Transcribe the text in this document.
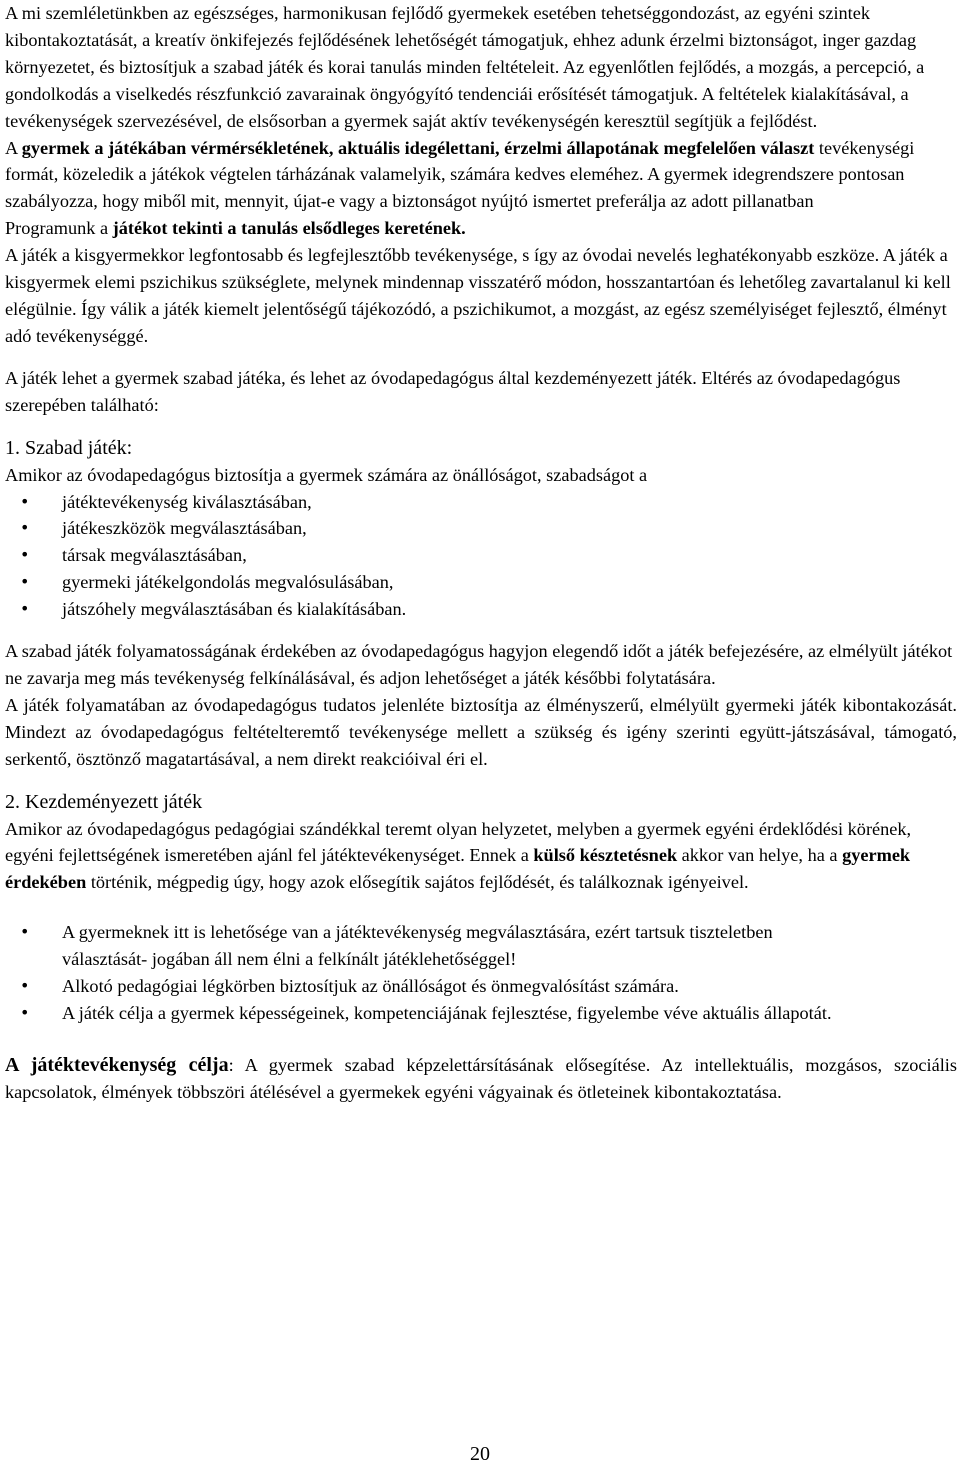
A mi szemléletünkben az egészséges, harmonikusan fejlődő gyermekek esetében tehetséggondozást, az egyéni szintek kibontakoztatását, a kreatív önkifejezés fejlődésének lehetőségét támogatjuk, ehhez adunk érzelmi biztonságot, inger gazdag környezetet, és biztosítjuk a szabad játék és korai tanulás minden feltételeit. Az egyenlőtlen fejlődés, a mozgás, a percepció, a gondolkodás a viselkedés részfunkció zavarainak öngyógyító tendenciái erősítését támogatjuk. A feltételek kialakításával, a tevékenységek szervezésével, de elsősorban a gyermek saját aktív tevékenységén keresztül segítjük a fejlődést.

A gyermek a játékában vérmérsékletének, aktuális idegélettani, érzelmi állapotának megfelelően választ tevékenységi formát, közeledik a játékok végtelen tárházának valamelyik, számára kedves eleméhez. A gyermek idegrendszere pontosan szabályozza, hogy miből mit, mennyit, újat-e vagy a biztonságot nyújtó ismertet preferálja az adott pillanatban

Programunk a játékot tekinti a tanulás elsődleges keretének.

A játék a kisgyermekkor legfontosabb és legfejlesztőbb tevékenysége, s így az óvodai nevelés leghatékonyabb eszköze. A játék a kisgyermek elemi pszichikus szükséglete, melynek mindennap visszatérő módon, hosszantartóan és lehetőleg zavartalanul ki kell elégülnie. Így válik a játék kiemelt jelentőségű tájékozódó, a pszichikumot, a mozgást, az egész személyiséget fejlesztő, élményt adó tevékenységgé.

A játék lehet a gyermek szabad játéka, és lehet az óvodapedagógus által kezdeményezett játék. Eltérés az óvodapedagógus szerepében található:

1. Szabad játék:

Amikor az óvodapedagógus biztosítja a gyermek számára az önállóságot, szabadságot a

• játéktevékenység kiválasztásában,
• játékeszközök megválasztásában,
• társak megválasztásában,
• gyermeki játékelgondolás megvalósulásában,
• játszóhely megválasztásában és kialakításában.

A szabad játék folyamatosságának érdekében az óvodapedagógus hagyjon elegendő időt a játék befejezésére, az elmélyült játékot ne zavarja meg más tevékenység felkínálásával, és adjon lehetőséget a játék későbbi folytatására.

A játék folyamatában az óvodapedagógus tudatos jelenléte biztosítja az élményszerű, elmélyült gyermeki játék kibontakozását. Mindezt az óvodapedagógus feltételteremtő tevékenysége mellett a szükség és igény szerinti együtt-játszásával, támogató, serkentő, ösztönző magatartásával, a nem direkt reakcióival éri el.

2. Kezdeményezett játék

Amikor az óvodapedagógus pedagógiai szándékkal teremt olyan helyzetet, melyben a gyermek egyéni érdeklődési körének, egyéni fejlettségének ismeretében ajánl fel játéktevékenységet. Ennek a külső késztetésnek akkor van helye, ha a gyermek érdekében történik, mégpedig úgy, hogy azok elősegítik sajátos fejlődését, és találkoznak igényeivel.

• A gyermeknek itt is lehetősége van a játéktevékenység megválasztására, ezért tartsuk tiszteletben választását- jogában áll nem élni a felkínált játéklehetőséggel!
• Alkotó pedagógiai légkörben biztosítjuk az önállóságot és önmegvalósítást számára.
• A játék célja a gyermek képességeinek, kompetenciájának fejlesztése, figyelembe véve aktuális állapotát.

A játéktevékenység célja: A gyermek szabad képzelettársításának elősegítése. Az intellektuális, mozgásos, szociális kapcsolatok, élmények többszöri átélésével a gyermekek egyéni vágyainak és ötleteinek kibontakoztatása.

20
